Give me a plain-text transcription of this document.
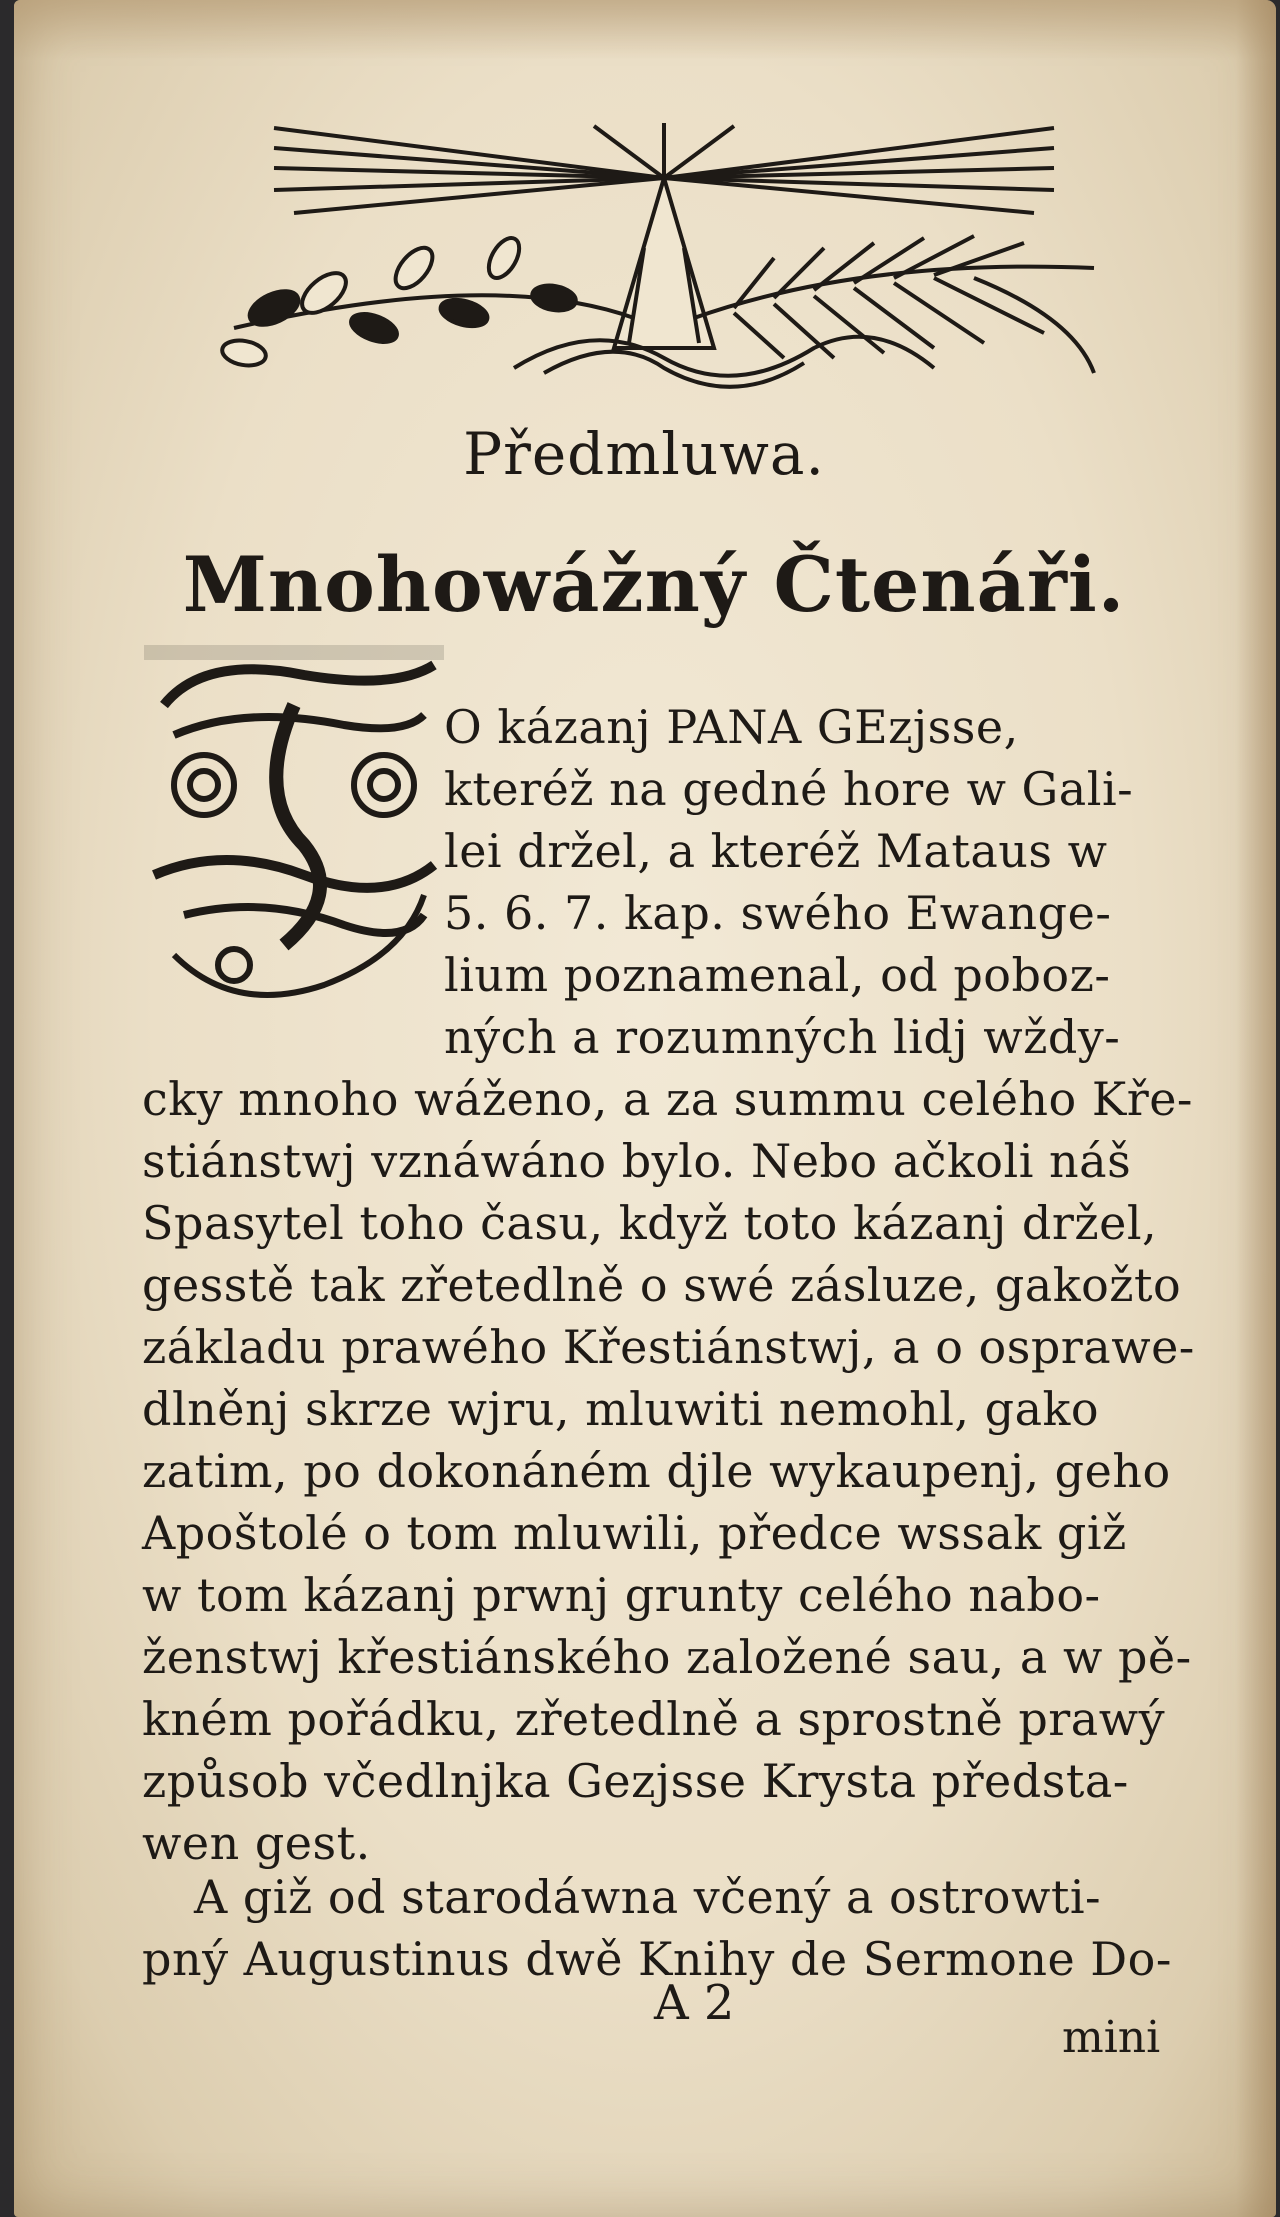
Předmluwa.
Mnohowážný Čtenáři.
O kázanj PANA GEzjsse,
kteréž na gedné hore w Gali-
lei držel, a kteréž Mataus w
5. 6. 7. kap. swého Ewange-
lium poznamenal, od poboz-
ných a rozumných lidj wždy-
cky mnoho wáženo, a za summu celého Kře-
stiánstwj vznáwáno bylo. Nebo ačkoli náš
Spasytel toho času, když toto kázanj držel,
gesstě tak zřetedlně o swé zásluze, gakožto
základu prawého Křestiánstwj, a o osprawe-
dlněnj skrze wjru, mluwiti nemohl, gako
zatim, po dokonáném djle wykaupenj, geho
Apoštolé o tom mluwili, předce wssak giž
w tom kázanj prwnj grunty celého nabo-
ženstwj křestiánského založené sau, a w pě-
kném pořádku, zřetedlně a sprostně prawý
způsob včedlnjka Gezjsse Krysta předsta-
wen gest.
A giž od starodáwna včený a ostrowti-
pný Augustinus dwě Knihy de Sermone Do-
A 2
mini
